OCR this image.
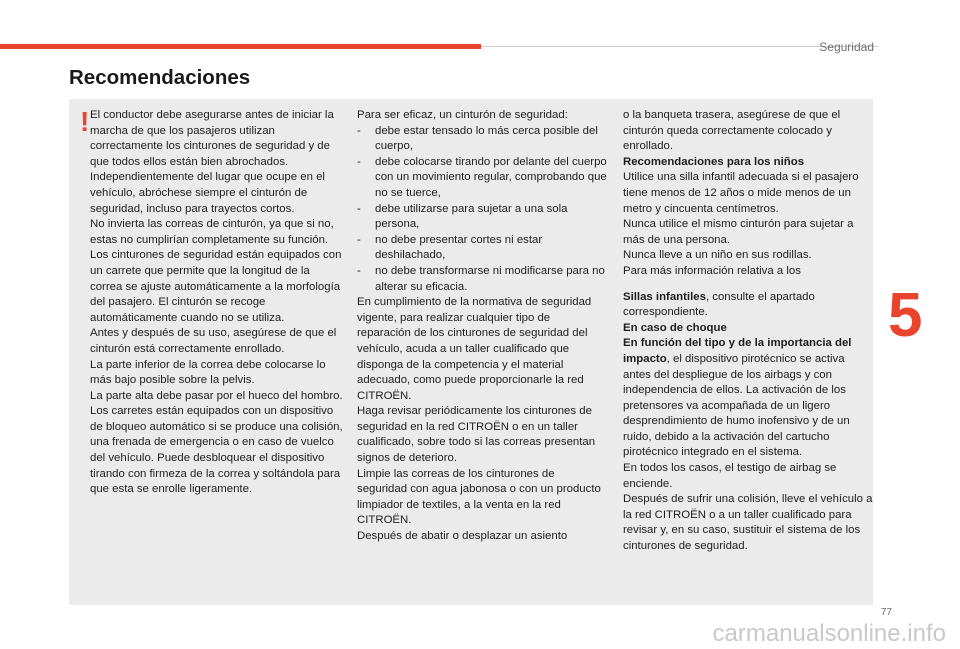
Seguridad
Recomendaciones
! El conductor debe asegurarse antes de iniciar la marcha de que los pasajeros utilizan correctamente los cinturones de seguridad y de que todos ellos están bien abrochados.

Independientemente del lugar que ocupe en el vehículo, abróchese siempre el cinturón de seguridad, incluso para trayectos cortos.

No invierta las correas de cinturón, ya que si no, estas no cumplirían completamente su función.

Los cinturones de seguridad están equipados con un carrete que permite que la longitud de la correa se ajuste automáticamente a la morfología del pasajero. El cinturón se recoge automáticamente cuando no se utiliza.

Antes y después de su uso, asegúrese de que el cinturón está correctamente enrollado.

La parte inferior de la correa debe colocarse lo más bajo posible sobre la pelvis.

La parte alta debe pasar por el hueco del hombro.

Los carretes están equipados con un dispositivo de bloqueo automático si se produce una colisión, una frenada de emergencia o en caso de vuelco del vehículo. Puede desbloquear el dispositivo tirando con firmeza de la correa y soltándola para que esta se enrolle ligeramente.

Para ser eficaz, un cinturón de seguridad:

-	debe estar tensado lo más cerca posible del cuerpo,
-	debe colocarse tirando por delante del cuerpo con un movimiento regular, comprobando que no se tuerce,
-	debe utilizarse para sujetar a una sola persona,
-	no debe presentar cortes ni estar deshilachado,
-	no debe transformarse ni modificarse para no alterar su eficacia.

En cumplimiento de la normativa de seguridad vigente, para realizar cualquier tipo de reparación de los cinturones de seguridad del vehículo, acuda a un taller cualificado que disponga de la competencia y el material adecuado, como puede proporcionarle la red CITROËN.

Haga revisar periódicamente los cinturones de seguridad en la red CITROËN o en un taller cualificado, sobre todo si las correas presentan signos de deterioro.

Limpie las correas de los cinturones de seguridad con agua jabonosa o con un producto limpiador de textiles, a la venta en la red CITROËN.

Después de abatir o desplazar un asiento

o la banqueta trasera, asegúrese de que el cinturón queda correctamente colocado y enrollado.

Recomendaciones para los niños

Utilice una silla infantil adecuada si el pasajero tiene menos de 12 años o mide menos de un metro y cincuenta centímetros.

Nunca utilice el mismo cinturón para sujetar a más de una persona.

Nunca lleve a un niño en sus rodillas.

Para más información relativa a los

Sillas infantiles, consulte el apartado correspondiente.

En caso de choque

En función del tipo y de la importancia del impacto, el dispositivo pirotécnico se activa antes del despliegue de los airbags y con independencia de ellos. La activación de los pretensores va acompañada de un ligero desprendimiento de humo inofensivo y de un ruido, debido a la activación del cartucho pirotécnico integrado en el sistema.

En todos los casos, el testigo de airbag se enciende.

Después de sufrir una colisión, lleve el vehículo a la red CITROËN o a un taller cualificado para revisar y, en su caso, sustituir el sistema de los cinturones de seguridad.

5
77
carmanualsonline.info
